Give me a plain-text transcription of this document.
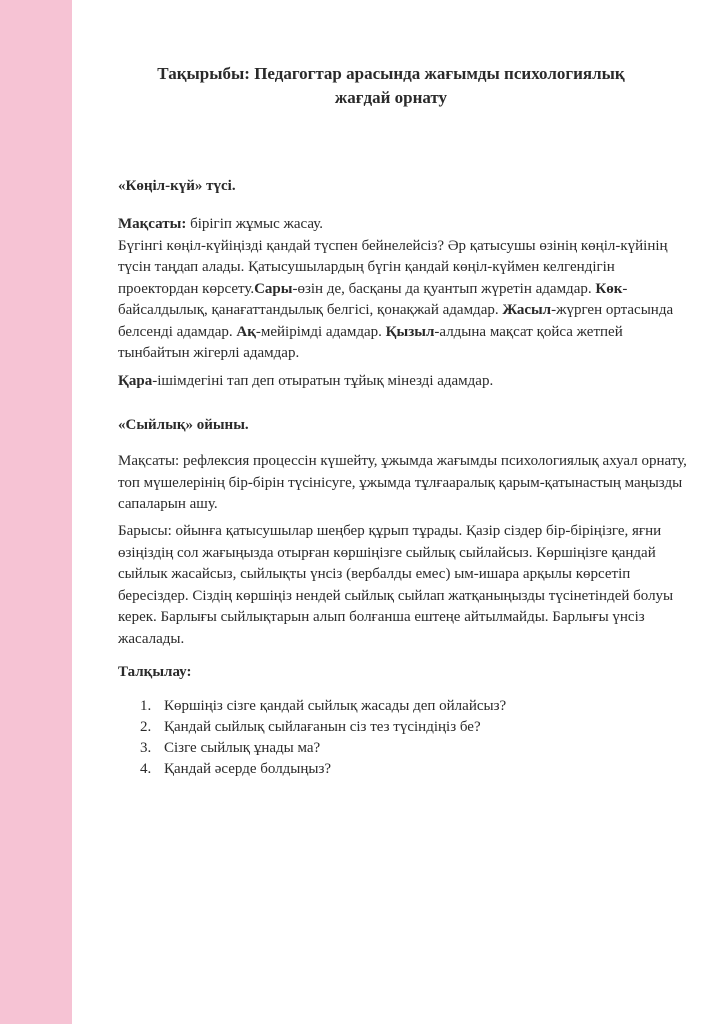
Тақырыбы: Педагогтар арасында жағымды психологиялық
жағдай орнату
«Көңіл-күй» түсі.
Мақсаты: бірігіп жұмыс жасау.
Бүгінгі көңіл-күйіңізді қандай түспен бейнелейсіз? Әр қатысушы өзінің көңіл-күйінің түсін таңдап алады. Қатысушылардың бүгін қандай көңіл-күймен келгендігін проектордан көрсету.Сары-өзін де, басқаны да қуантып жүретін адамдар. Көк-байсалдылық, қанағаттандылық белгісі, қонақжай адамдар. Жасыл-жүрген ортасында белсенді адамдар. Ақ-мейірімді адамдар. Қызыл-алдына мақсат қойса жетпей тынбайтын жігерлі адамдар.
Қара-ішімдегіні тап деп отыратын тұйық мінезді адамдар.
«Сыйлық» ойыны.
Мақсаты: рефлексия процессін күшейту, ұжымда жағымды психологиялық ахуал орнату, топ мүшелерінің бір-бірін түсінісуге, ұжымда тұлғааралық қарым-қатынастың маңызды сапаларын ашу.
Барысы: ойынға қатысушылар шеңбер құрып тұрады. Қазір сіздер бір-біріңізге, яғни өзіңіздің сол жағыңызда отырған көршіңізге сыйлық сыйлайсыз. Көршіңізге қандай сыйлык жасайсыз, сыйлықты үнсіз (вербалды емес) ым-ишара арқылы көрсетіп бересіздер. Сіздің көршіңіз нендей сыйлық сыйлап жатқаныңызды түсінетіндей болуы керек. Барлығы сыйлықтарын алып болғанша ештеңе айтылмайды. Барлығы үнсіз жасалады.
Талқылау:
1. Көршіңіз сізге қандай сыйлық жасады деп ойлайсыз?
2. Қандай сыйлық сыйлағанын сіз тез түсіндіңіз бе?
3. Сізге сыйлық ұнады ма?
4. Қандай әсерде болдыңыз?
